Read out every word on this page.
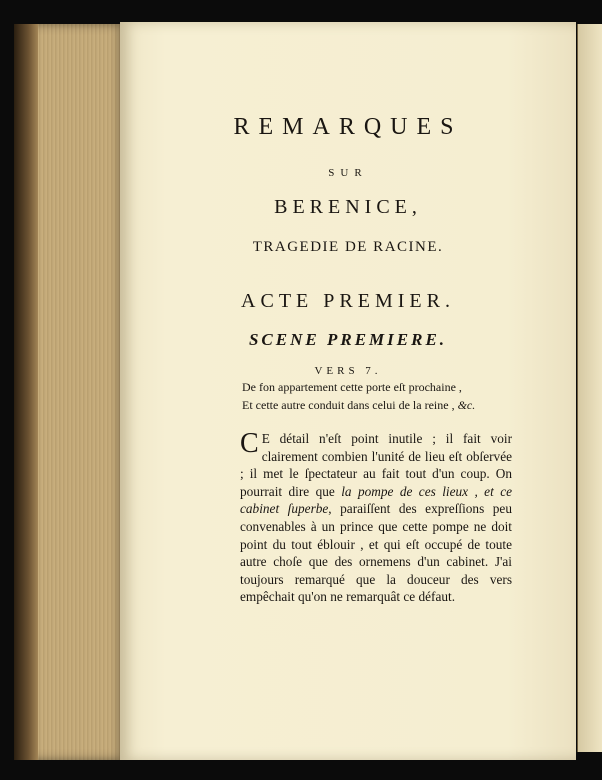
REMARQUES
SUR
BERENICE,
TRAGEDIE DE RACINE.
ACTE PREMIER.
SCENE PREMIERE.
VERS 7.
De fon appartement cette porte eſt prochaine ,
Et cette autre conduit dans celui de la reine , &c.

C E détail n'eſt point inutile ; il fait voir clairement combien l'unité de lieu eſt obſervée ; il met le ſpectateur au fait tout d'un coup. On pourrait dire que la pompe de ces lieux , et ce cabinet ſuperbe, paraiſſent des expreſſions peu convenables à un prince que cette pompe ne doit point du tout éblouir , et qui eſt occupé de toute autre choſe que des ornemens d'un cabinet. J'ai toujours remarqué que la douceur des vers empêchait qu'on ne remarquât ce défaut.
